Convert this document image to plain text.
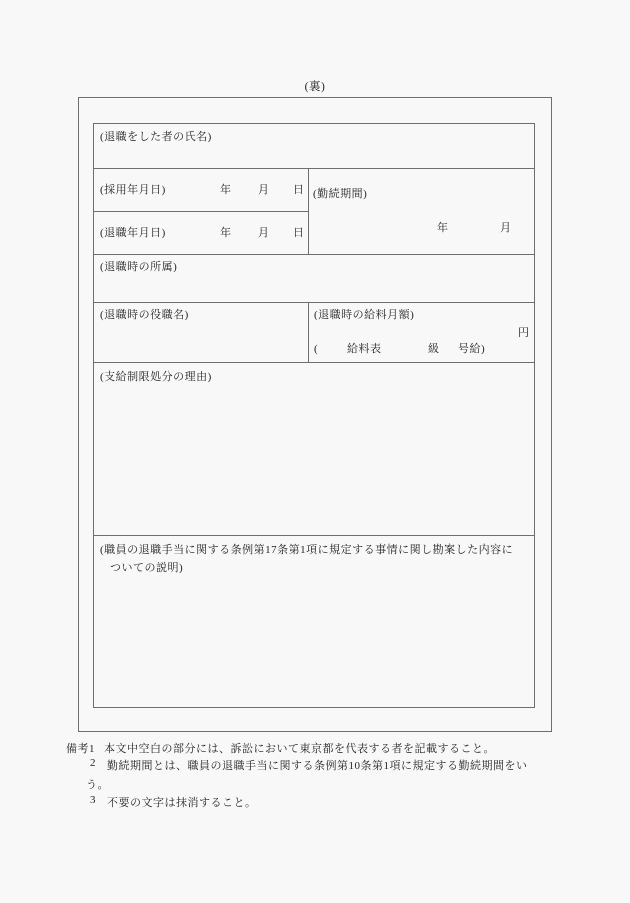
(裏)
(退職をした者の氏名)
(採用年月日)	年 月 日
(退職年月日)	年 月 日
(勤続期間)
年	月
(退職時の所属)
(退職時の役職名)	(退職時の給料月額)
円
(	給料表	級 号給)
(支給制限処分の理由)
(職員の退職手当に関する条例第17条第1項に規定する事情に関し勘案した内容に
ついての説明)
備考1 本文中空白の部分には、訴訟において東京都を代表する者を記載すること。
2 勤続期間とは、職員の退職手当に関する条例第10条第1項に規定する勤続期間をい
う。
3 不要の文字は抹消すること。
